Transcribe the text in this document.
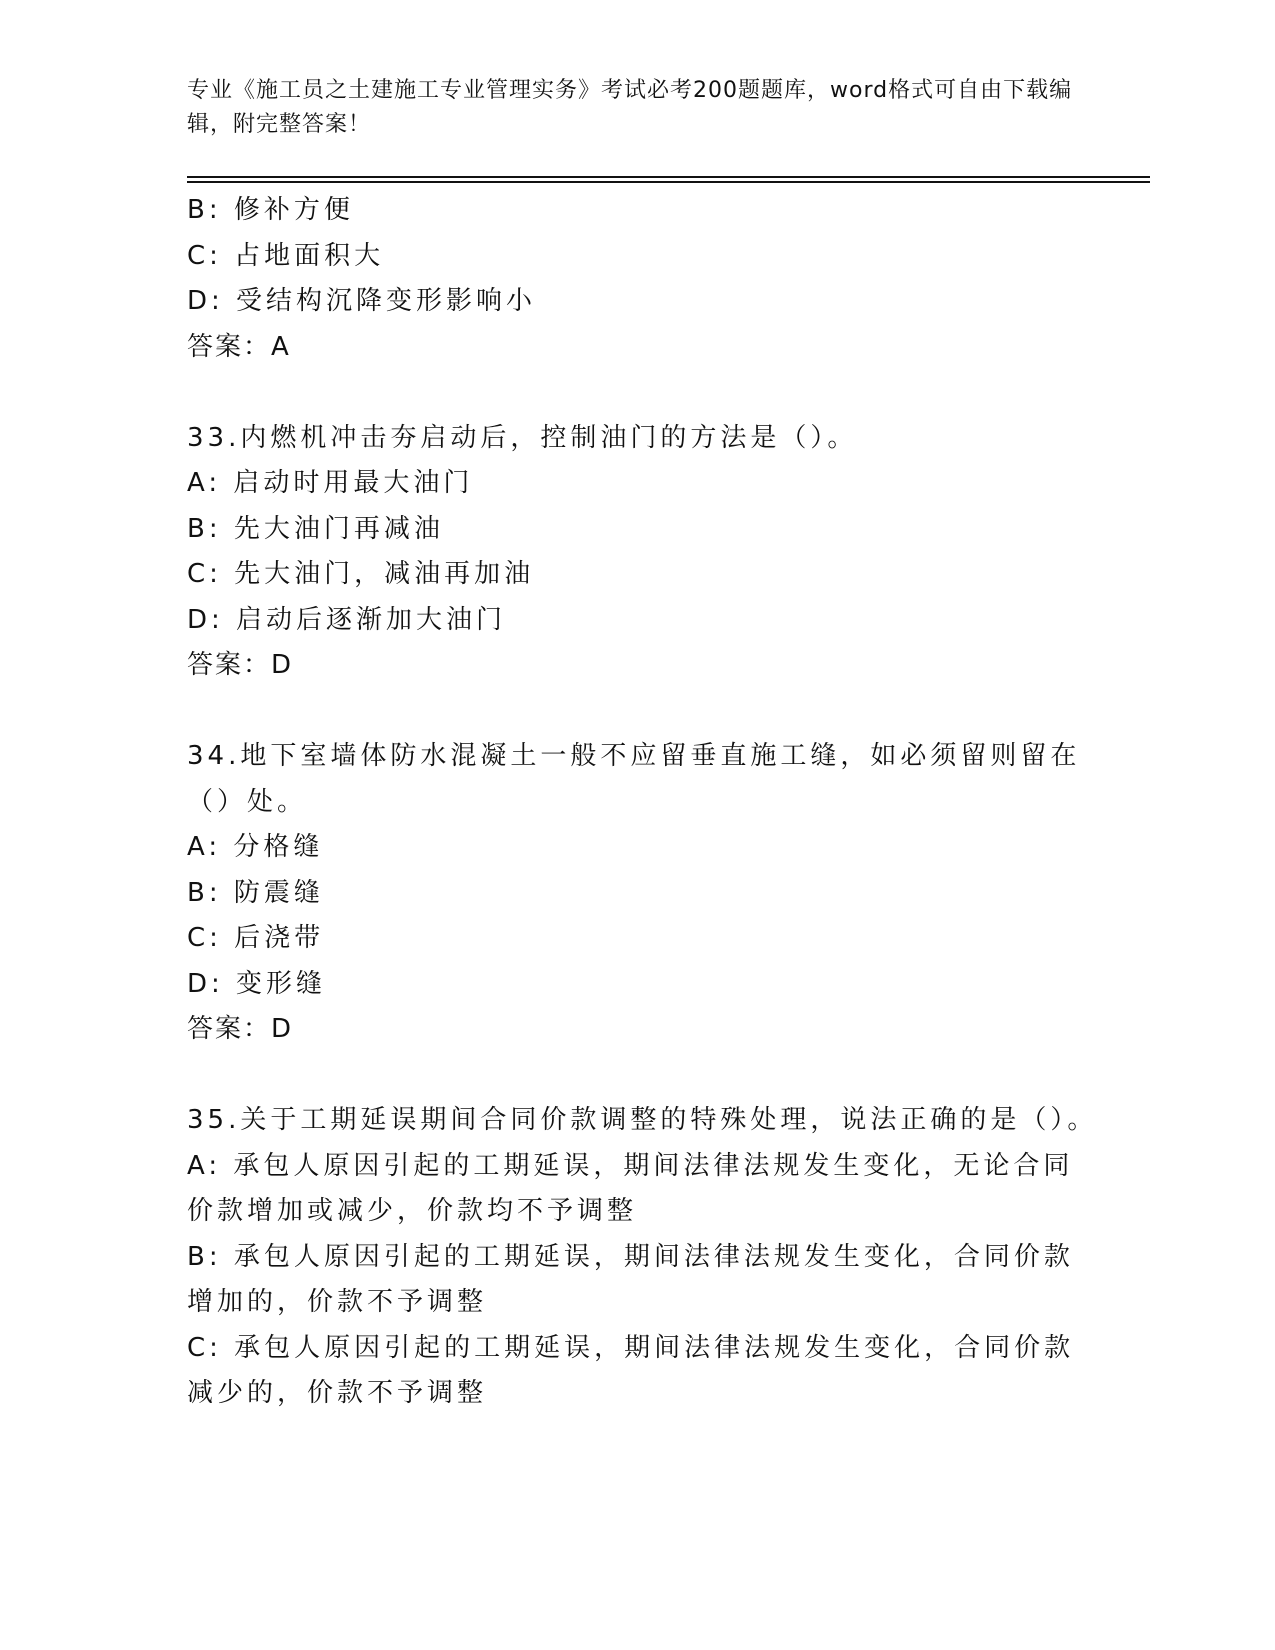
专业《施工员之土建施工专业管理实务》考试必考200题题库，word格式可自由下载编辑，附完整答案！
B: 修补方便
C: 占地面积大
D: 受结构沉降变形影响小
答案：A
33.内燃机冲击夯启动后，控制油门的方法是（）。
A: 启动时用最大油门
B: 先大油门再减油
C: 先大油门，减油再加油
D: 启动后逐渐加大油门
答案：D
34.地下室墙体防水混凝土一般不应留垂直施工缝，如必须留则留在（）处。
A: 分格缝
B: 防震缝
C: 后浇带
D: 变形缝
答案：D
35.关于工期延误期间合同价款调整的特殊处理，说法正确的是（）。
A: 承包人原因引起的工期延误，期间法律法规发生变化，无论合同价款增加或减少，价款均不予调整
B: 承包人原因引起的工期延误，期间法律法规发生变化，合同价款增加的，价款不予调整
C: 承包人原因引起的工期延误，期间法律法规发生变化，合同价款减少的，价款不予调整
